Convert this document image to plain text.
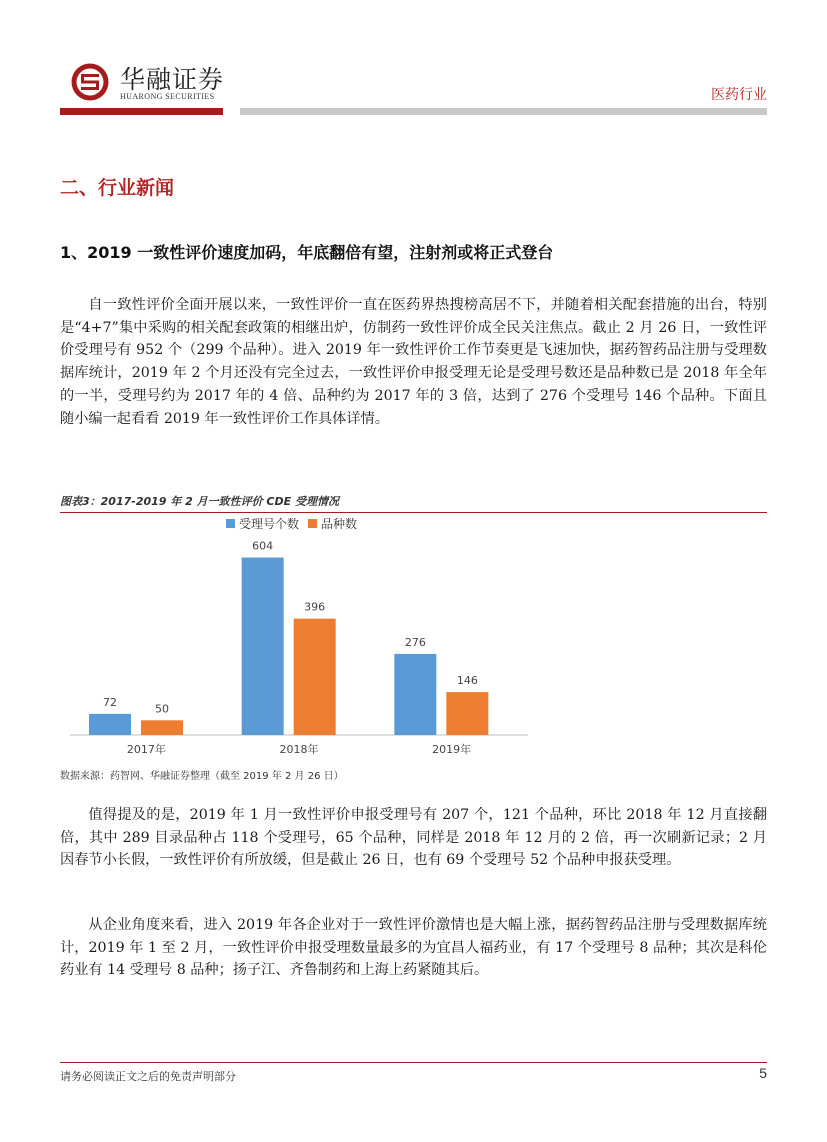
华融证券
HUARONG SECURITIES	医药行业
二、行业新闻
1、2019 一致性评价速度加码，年底翻倍有望，注射剂或将正式登台

自一致性评价全面开展以来，一致性评价一直在医药界热搜榜高居不下，并随着相关配套措施的出台，特别是“4+7”集中采购的相关配套政策的相继出炉，仿制药一致性评价成全民关注焦点。截止 2 月 26 日，一致性评价受理号有 952 个（299 个品种）。进入 2019 年一致性评价工作节奏更是飞速加快，据药智药品注册与受理数据库统计，2019 年 2 个月还没有完全过去，一致性评价申报受理无论是受理号数还是品种数已是 2018 年全年的一半，受理号约为 2017 年的 4 倍、品种约为 2017 年的 3 倍，达到了 276 个受理号 146 个品种。下面且随小编一起看看 2019 年一致性评价工作具体详情。

图表3：2017-2019 年 2 月一致性评价 CDE 受理情况
受理号个数 品种数
72	50
604
396
276
146
2017年	2018年	2019年
数据来源：药智网、华融证券整理（截至 2019 年 2 月 26 日）

值得提及的是，2019 年 1 月一致性评价申报受理号有 207 个，121 个品种，环比 2018 年 12 月直接翻倍，其中 289 目录品种占 118 个受理号，65 个品种，同样是 2018 年 12 月的 2 倍，再一次刷新记录；2 月因春节小长假，一致性评价有所放缓，但是截止 26 日，也有 69 个受理号 52 个品种申报获受理。

从企业角度来看，进入 2019 年各企业对于一致性评价激情也是大幅上涨，据药智药品注册与受理数据库统计，2019 年 1 至 2 月，一致性评价申报受理数量最多的为宜昌人福药业，有 17 个受理号 8 品种；其次是科伦药业有 14 受理号 8 品种；扬子江、齐鲁制药和上海上药紧随其后。

请务必阅读正文之后的免责声明部分	5
